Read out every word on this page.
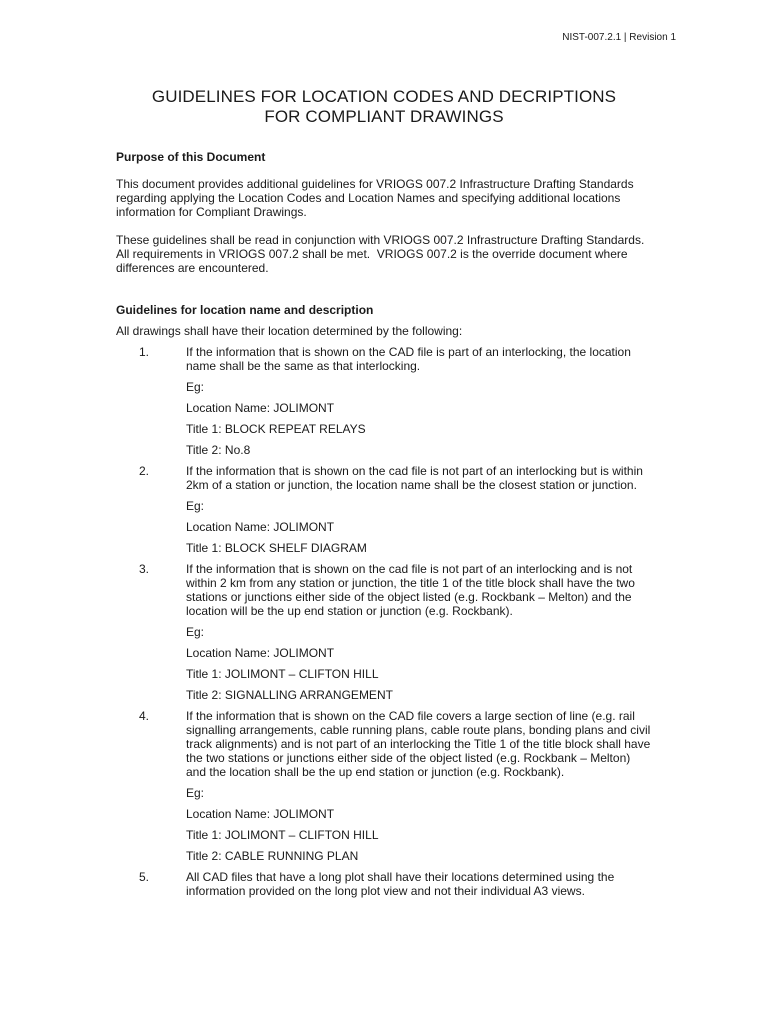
NIST-007.2.1 | Revision 1
GUIDELINES FOR LOCATION CODES AND DECRIPTIONS
FOR COMPLIANT DRAWINGS

Purpose of this Document

This document provides additional guidelines for VRIOGS 007.2 Infrastructure Drafting Standards regarding applying the Location Codes and Location Names and specifying additional locations information for Compliant Drawings.

These guidelines shall be read in conjunction with VRIOGS 007.2 Infrastructure Drafting Standards.   All requirements in VRIOGS 007.2 shall be met.  VRIOGS 007.2 is the override document where differences are encountered.

Guidelines for location name and description

All drawings shall have their location determined by the following:

1.	If the information that is shown on the CAD file is part of an interlocking, the location name shall be the same as that interlocking.

Eg:

Location Name: JOLIMONT

Title 1: BLOCK REPEAT RELAYS

Title 2: No.8

2.	If the information that is shown on the cad file is not part of an interlocking but is within 2km of a station or junction, the location name shall be the closest station or junction.

Eg:

Location Name: JOLIMONT

Title 1: BLOCK SHELF DIAGRAM

3.	If the information that is shown on the cad file is not part of an interlocking and is not within 2 km from any station or junction, the title 1 of the title block shall have the two stations or junctions either side of the object listed (e.g. Rockbank – Melton) and the location will be the up end station or junction (e.g. Rockbank).

Eg:

Location Name: JOLIMONT

Title 1: JOLIMONT – CLIFTON HILL

Title 2: SIGNALLING ARRANGEMENT

4.	If the information that is shown on the CAD file covers a large section of line (e.g. rail signalling arrangements, cable running plans, cable route plans, bonding plans and civil track alignments) and is not part of an interlocking the Title 1 of the title block shall have the two stations or junctions either side of the object listed (e.g. Rockbank – Melton) and the location shall be the up end station or junction (e.g. Rockbank).

Eg:

Location Name: JOLIMONT

Title 1: JOLIMONT – CLIFTON HILL

Title 2: CABLE RUNNING PLAN

5.	All CAD files that have a long plot shall have their locations determined using the information provided on the long plot view and not their individual A3 views.
